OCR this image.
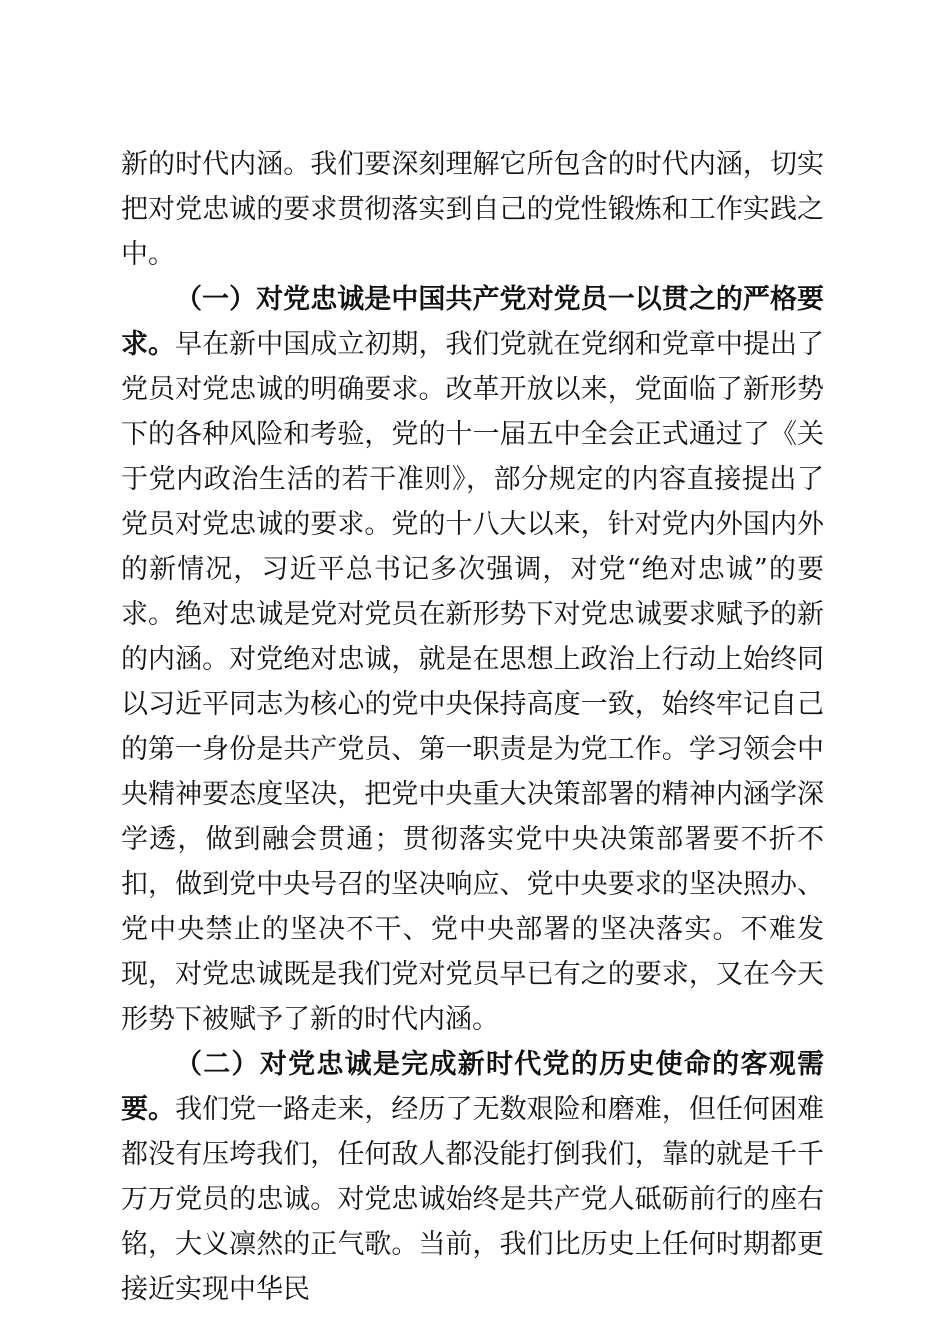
新的时代内涵。我们要深刻理解它所包含的时代内涵，切实把对党忠诚的要求贯彻落实到自己的党性锻炼和工作实践之中。

（一）对党忠诚是中国共产党对党员一以贯之的严格要求。早在新中国成立初期，我们党就在党纲和党章中提出了党员对党忠诚的明确要求。改革开放以来，党面临了新形势下的各种风险和考验，党的十一届五中全会正式通过了《关于党内政治生活的若干准则》，部分规定的内容直接提出了党员对党忠诚的要求。党的十八大以来，针对党内外国内外的新情况，习近平总书记多次强调，对党“绝对忠诚”的要求。绝对忠诚是党对党员在新形势下对党忠诚要求赋予的新的内涵。对党绝对忠诚，就是在思想上政治上行动上始终同以习近平同志为核心的党中央保持高度一致，始终牢记自己的第一身份是共产党员、第一职责是为党工作。学习领会中央精神要态度坚决，把党中央重大决策部署的精神内涵学深学透，做到融会贯通；贯彻落实党中央决策部署要不折不扣，做到党中央号召的坚决响应、党中央要求的坚决照办、党中央禁止的坚决不干、党中央部署的坚决落实。不难发现，对党忠诚既是我们党对党员早已有之的要求，又在今天形势下被赋予了新的时代内涵。

（二）对党忠诚是完成新时代党的历史使命的客观需要。我们党一路走来，经历了无数艰险和磨难，但任何困难都没有压垮我们，任何敌人都没能打倒我们，靠的就是千千万万党员的忠诚。对党忠诚始终是共产党人砥砺前行的座右铭，大义凛然的正气歌。当前，我们比历史上任何时期都更接近实现中华民
